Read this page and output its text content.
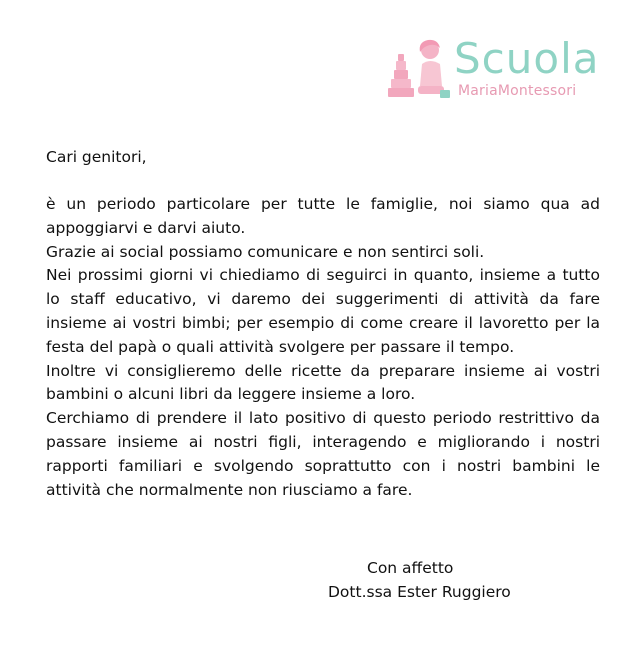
Scuola
MariaMontessori
Cari genitori,

è un periodo particolare per tutte le famiglie, noi siamo qua ad appoggiarvi e darvi aiuto.

Grazie ai social possiamo comunicare e non sentirci soli.

Nei prossimi giorni vi chiediamo di seguirci in quanto, insieme a tutto lo staff educativo, vi daremo dei suggerimenti di attività da fare insieme ai vostri bimbi; per esempio di come creare il lavoretto per la festa del papà o quali attività svolgere per passare il tempo.

Inoltre vi consiglieremo delle ricette da preparare insieme ai vostri bambini o alcuni libri da leggere insieme a loro.

Cerchiamo di prendere il lato positivo di questo periodo restrittivo da passare insieme ai nostri figli, interagendo e migliorando i nostri rapporti familiari e svolgendo soprattutto con i nostri bambini le attività che normalmente non riusciamo a fare.

Con affetto
Dott.ssa Ester Ruggiero
